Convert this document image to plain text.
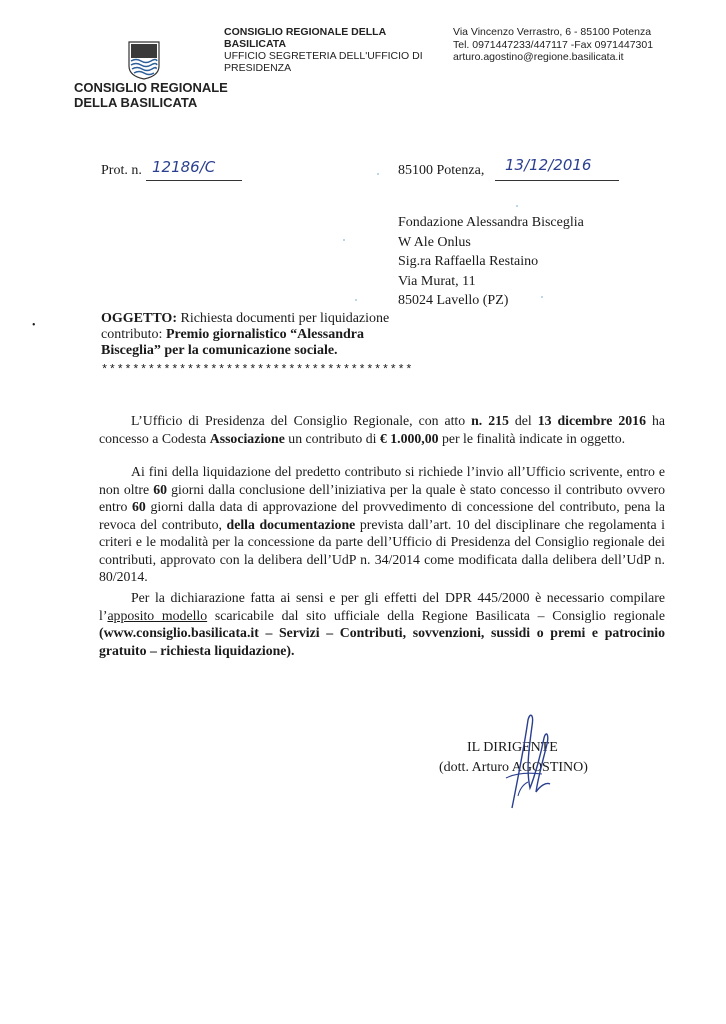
CONSIGLIO REGIONALE
DELLA BASILICATA
CONSIGLIO REGIONALE DELLA BASILICATA
UFFICIO SEGRETERIA DELL'UFFICIO DI
PRESIDENZA
Via Vincenzo Verrastro, 6 - 85100 Potenza
Tel. 0971447233/447117 -Fax 0971447301
arturo.agostino@regione.basilicata.it
Prot. n. 12186/C	85100 Potenza, 13/12/2016
Fondazione Alessandra Bisceglia
W Ale Onlus
Sig.ra Raffaella Restaino
Via Murat, 11
85024 Lavello (PZ)
•	OGGETTO: Richiesta documenti per liquidazione contributo: Premio giornalistico “Alessandra Bisceglia” per la comunicazione sociale.
****************************************
L’Ufficio di Presidenza del Consiglio Regionale, con atto n. 215 del 13 dicembre 2016 ha concesso a Codesta Associazione un contributo di € 1.000,00 per le finalità indicate in oggetto.
Ai fini della liquidazione del predetto contributo si richiede l’invio all’Ufficio scrivente, entro e non oltre 60 giorni dalla conclusione dell’iniziativa per la quale è stato concesso il contributo ovvero entro 60 giorni dalla data di approvazione del provvedimento di concessione del contributo, pena la revoca del contributo, della documentazione prevista dall’art. 10 del disciplinare che regolamenta i criteri e le modalità per la concessione da parte dell’Ufficio di Presidenza del Consiglio regionale dei contributi, approvato con la delibera dell’UdP n. 34/2014 come modificata dalla delibera dell’UdP n. 80/2014.
Per la dichiarazione fatta ai sensi e per gli effetti del DPR 445/2000 è necessario compilare l’apposito modello scaricabile dal sito ufficiale della Regione Basilicata – Consiglio regionale (www.consiglio.basilicata.it – Servizi – Contributi, sovvenzioni, sussidi o premi e patrocinio gratuito – richiesta liquidazione).
IL DIRIGENTE
(dott. Arturo AGOSTINO)
